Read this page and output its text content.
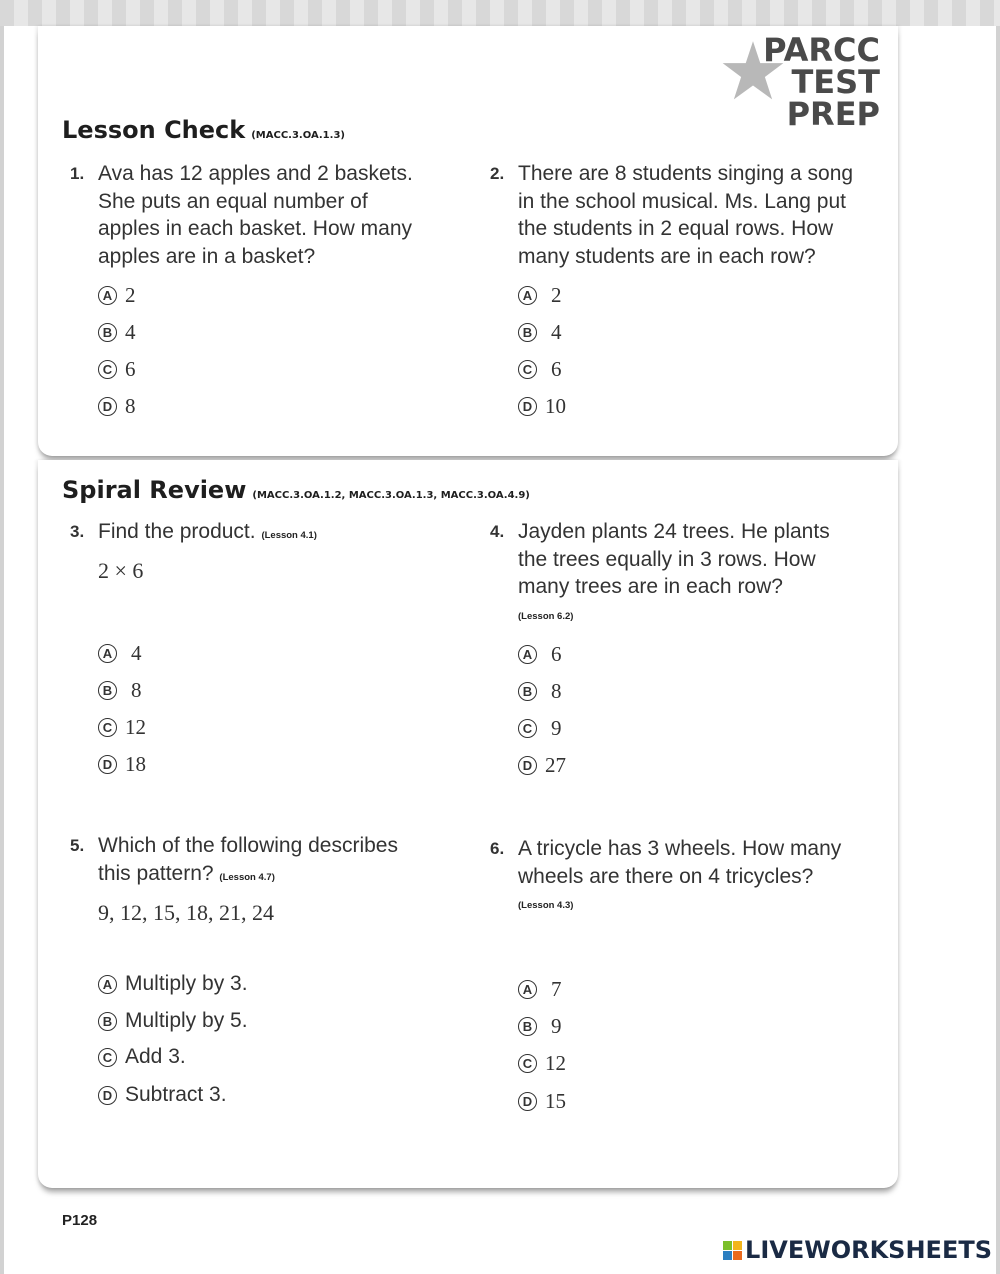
PARCC
TEST
PREP
Lesson Check (MACC.3.OA.1.3)
1. Ava has 12 apples and 2 baskets.
She puts an equal number of
apples in each basket. How many
apples are in a basket?
A 2
B 4
C 6
D 8
2. There are 8 students singing a song
in the school musical. Ms. Lang put
the students in 2 equal rows. How
many students are in each row?
A 2
B 4
C 6
D 10
Spiral Review (MACC.3.OA.1.2, MACC.3.OA.1.3, MACC.3.OA.4.9)
3. Find the product. (Lesson 4.1)
2 × 6
A 4
B 8
C 12
D 18
4. Jayden plants 24 trees. He plants
the trees equally in 3 rows. How
many trees are in each row?
(Lesson 6.2)
A 6
B 8
C 9
D 27
5. Which of the following describes
this pattern? (Lesson 4.7)
9, 12, 15, 18, 21, 24
A Multiply by 3.
B Multiply by 5.
C Add 3.
D Subtract 3.
6. A tricycle has 3 wheels. How many
wheels are there on 4 tricycles?
(Lesson 4.3)
A 7
B 9
C 12
D 15
P128
LIVEWORKSHEETS
